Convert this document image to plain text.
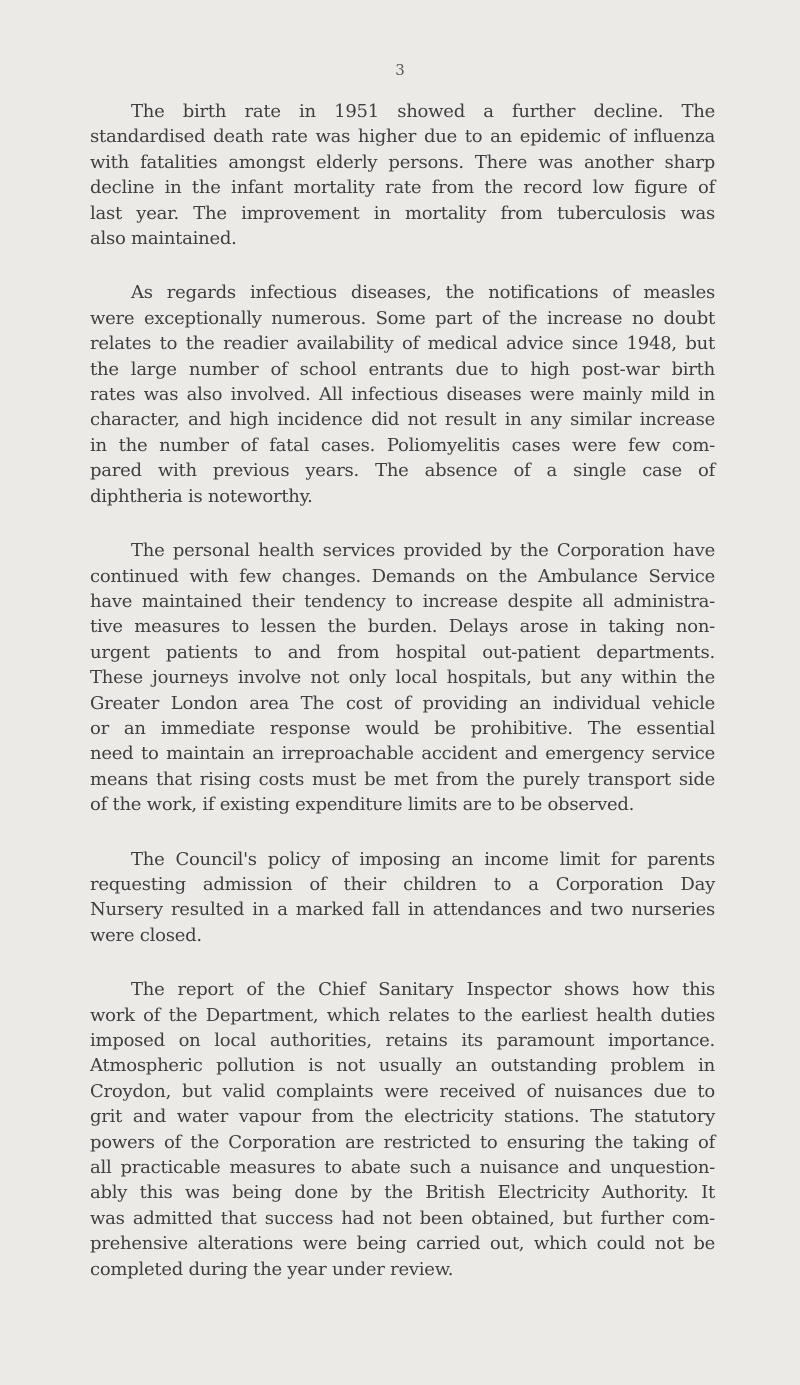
3
The birth rate in 1951 showed a further decline. The
standardised death rate was higher due to an epidemic of influenza
with fatalities amongst elderly persons. There was another sharp
decline in the infant mortality rate from the record low figure of
last year. The improvement in mortality from tuberculosis was
also maintained.
As regards infectious diseases, the notifications of measles
were exceptionally numerous. Some part of the increase no doubt
relates to the readier availability of medical advice since 1948, but
the large number of school entrants due to high post-war birth
rates was also involved. All infectious diseases were mainly mild in
character, and high incidence did not result in any similar increase
in the number of fatal cases. Poliomyelitis cases were few com-
pared with previous years. The absence of a single case of
diphtheria is noteworthy.
The personal health services provided by the Corporation have
continued with few changes. Demands on the Ambulance Service
have maintained their tendency to increase despite all administra-
tive measures to lessen the burden. Delays arose in taking non-
urgent patients to and from hospital out-patient departments.
These journeys involve not only local hospitals, but any within the
Greater London area The cost of providing an individual vehicle
or an immediate response would be prohibitive. The essential
need to maintain an irreproachable accident and emergency service
means that rising costs must be met from the purely transport side
of the work, if existing expenditure limits are to be observed.
The Council's policy of imposing an income limit for parents
requesting admission of their children to a Corporation Day
Nursery resulted in a marked fall in attendances and two nurseries
were closed.
The report of the Chief Sanitary Inspector shows how this
work of the Department, which relates to the earliest health duties
imposed on local authorities, retains its paramount importance.
Atmospheric pollution is not usually an outstanding problem in
Croydon, but valid complaints were received of nuisances due to
grit and water vapour from the electricity stations. The statutory
powers of the Corporation are restricted to ensuring the taking of
all practicable measures to abate such a nuisance and unquestion-
ably this was being done by the British Electricity Authority. It
was admitted that success had not been obtained, but further com-
prehensive alterations were being carried out, which could not be
completed during the year under review.
